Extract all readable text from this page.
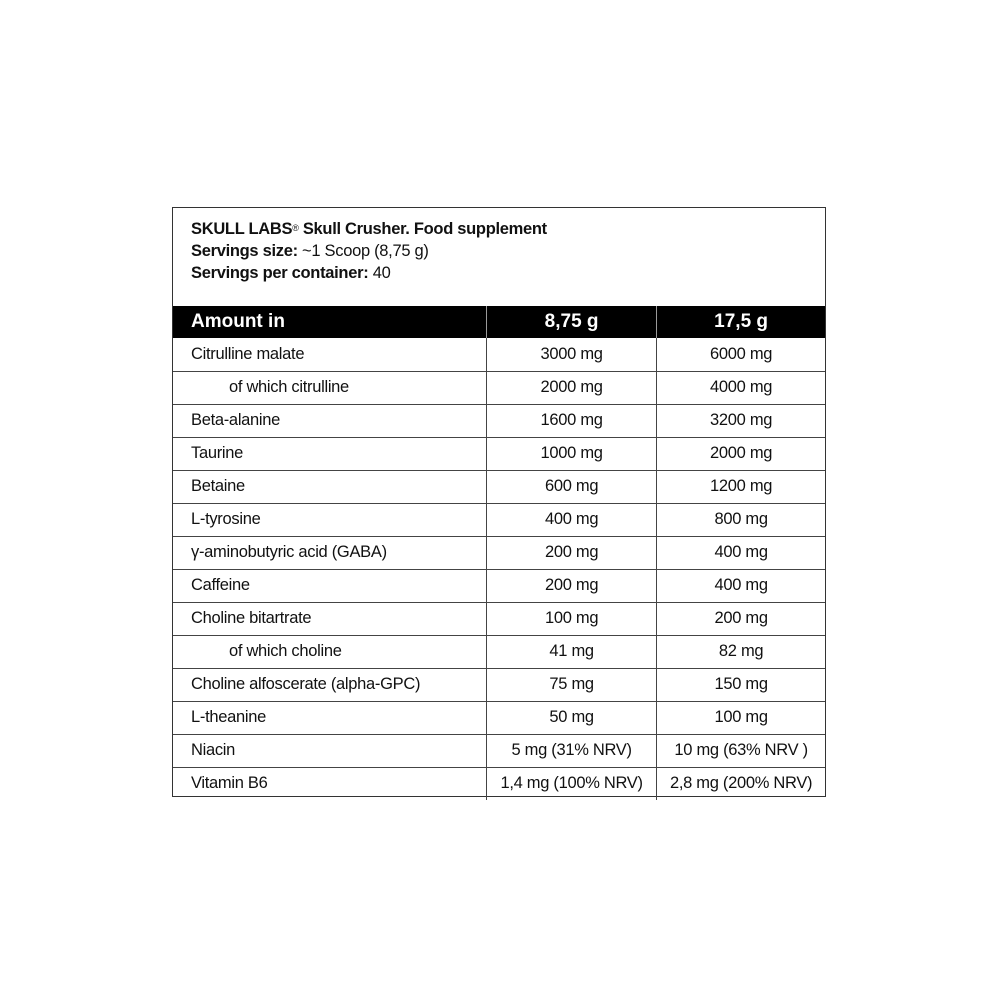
SKULL LABS® Skull Crusher. Food supplement
Servings size: ~1 Scoop (8,75 g)
Servings per container: 40
Amount in	8,75 g	17,5 g
Citrulline malate	3000 mg	6000 mg
of which citrulline	2000 mg	4000 mg
Beta-alanine	1600 mg	3200 mg
Taurine	1000 mg	2000 mg
Betaine	600 mg	1200 mg
L-tyrosine	400 mg	800 mg
γ-aminobutyric acid (GABA)	200 mg	400 mg
Caffeine	200 mg	400 mg
Choline bitartrate	100 mg	200 mg
of which choline	41 mg	82 mg
Choline alfoscerate (alpha-GPC)	75 mg	150 mg
L-theanine	50 mg	100 mg
Niacin	5 mg (31% NRV)	10 mg (63% NRV )
Vitamin B6	1,4 mg (100% NRV)	2,8 mg (200% NRV)
